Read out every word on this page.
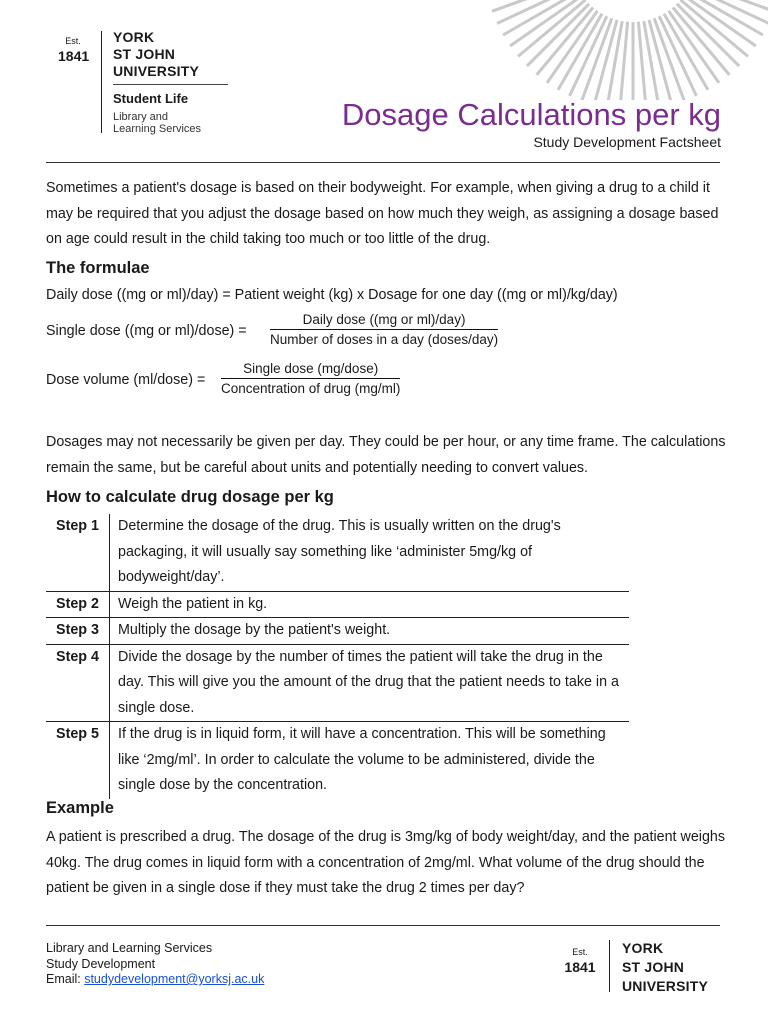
Est.
1841
YORK
ST JOHN
UNIVERSITY
Student Life
Library and
Learning Services	Dosage Calculations per kg
Study Development Factsheet
Sometimes a patient's dosage is based on their bodyweight. For example, when giving a drug to a child it may be required that you adjust the dosage based on how much they weigh, as assigning a dosage based on age could result in the child taking too much or too little of the drug.
The formulae
Daily dose ((mg or ml)/day) = Patient weight (kg) x Dosage for one day ((mg or ml)/kg/day)
Single dose ((mg or ml)/dose) =
Daily dose ((mg or ml)/day)
Number of doses in a day (doses/day)
Dose volume (ml/dose) =
Single dose (mg/dose)
Concentration of drug (mg/ml)
Dosages may not necessarily be given per day. They could be per hour, or any time frame. The calculations remain the same, but be careful about units and potentially needing to convert values.
How to calculate drug dosage per kg
Step 1	Determine the dosage of the drug. This is usually written on the drug's packaging, it will usually say something like ‘administer 5mg/kg of bodyweight/day’.
Step 2	Weigh the patient in kg.
Step 3	Multiply the dosage by the patient's weight.
Step 4	Divide the dosage by the number of times the patient will take the drug in the day. This will give you the amount of the drug that the patient needs to take in a single dose.
Step 5	If the drug is in liquid form, it will have a concentration. This will be something like ‘2mg/ml’. In order to calculate the volume to be administered, divide the single dose by the concentration.
Example
A patient is prescribed a drug. The dosage of the drug is 3mg/kg of body weight/day, and the patient weighs 40kg. The drug comes in liquid form with a concentration of 2mg/ml. What volume of the drug should the patient be given in a single dose if they must take the drug 2 times per day?
Library and Learning Services
Study Development
Email: studydevelopment@yorksj.ac.uk
Est.
1841
YORK
ST JOHN
UNIVERSITY
